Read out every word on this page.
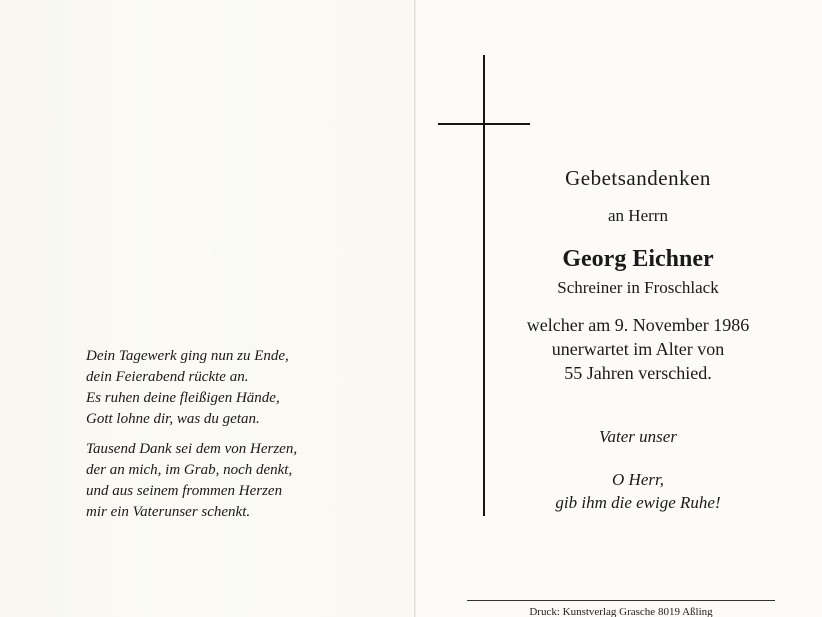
Dein Tagewerk ging nun zu Ende,
dein Feierabend rückte an.
Es ruhen deine fleißigen Hände,
Gott lohne dir, was du getan.
Tausend Dank sei dem von Herzen,
der an mich, im Grab, noch denkt,
und aus seinem frommen Herzen
mir ein Vaterunser schenkt.
Gebetsandenken
an Herrn
Georg Eichner
Schreiner in Froschlack
welcher am 9. November 1986
unerwartet im Alter von
55 Jahren verschied.
Vater unser
O Herr,
gib ihm die ewige Ruhe!
Druck: Kunstverlag Grasche 8019 Aßling
